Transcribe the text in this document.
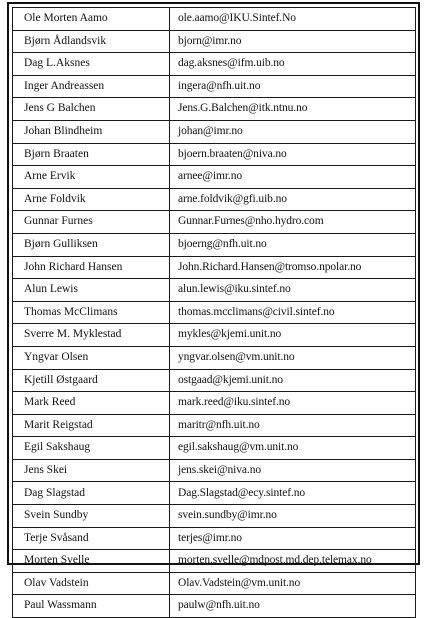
Ole Morten Aamo	ole.aamo@IKU.Sintef.No
Bjørn Ådlandsvik	bjorn@imr.no
Dag L.Aksnes	dag.aksnes@ifm.uib.no
Inger Andreassen	ingera@nfh.uit.no
Jens G Balchen	Jens.G.Balchen@itk.ntnu.no
Johan Blindheim	johan@imr.no
Bjørn Braaten	bjoern.braaten@niva.no
Arne Ervik	arnee@imr.no
Arne Foldvik	arne.foldvik@gfi.uib.no
Gunnar Furnes	Gunnar.Furnes@nho.hydro.com
Bjørn Gulliksen	bjoerng@nfh.uit.no
John Richard Hansen	John.Richard.Hansen@tromso.npolar.no
Alun Lewis	alun.lewis@iku.sintef.no
Thomas McClimans	thomas.mcclimans@civil.sintef.no
Sverre M. Myklestad	mykles@kjemi.unit.no
Yngvar Olsen	yngvar.olsen@vm.unit.no
Kjetill Østgaard	ostgaad@kjemi.unit.no
Mark Reed	mark.reed@iku.sintef.no
Marit Reigstad	maritr@nfh.uit.no
Egil Sakshaug	egil.sakshaug@vm.unit.no
Jens Skei	jens.skei@niva.no
Dag Slagstad	Dag.Slagstad@ecy.sintef.no
Svein Sundby	svein.sundby@imr.no
Terje Svåsand	terjes@imr.no
Morten Svelle	morten.svelle@mdpost.md.dep.telemax.no
Olav Vadstein	Olav.Vadstein@vm.unit.no
Paul Wassmann	paulw@nfh.uit.no
